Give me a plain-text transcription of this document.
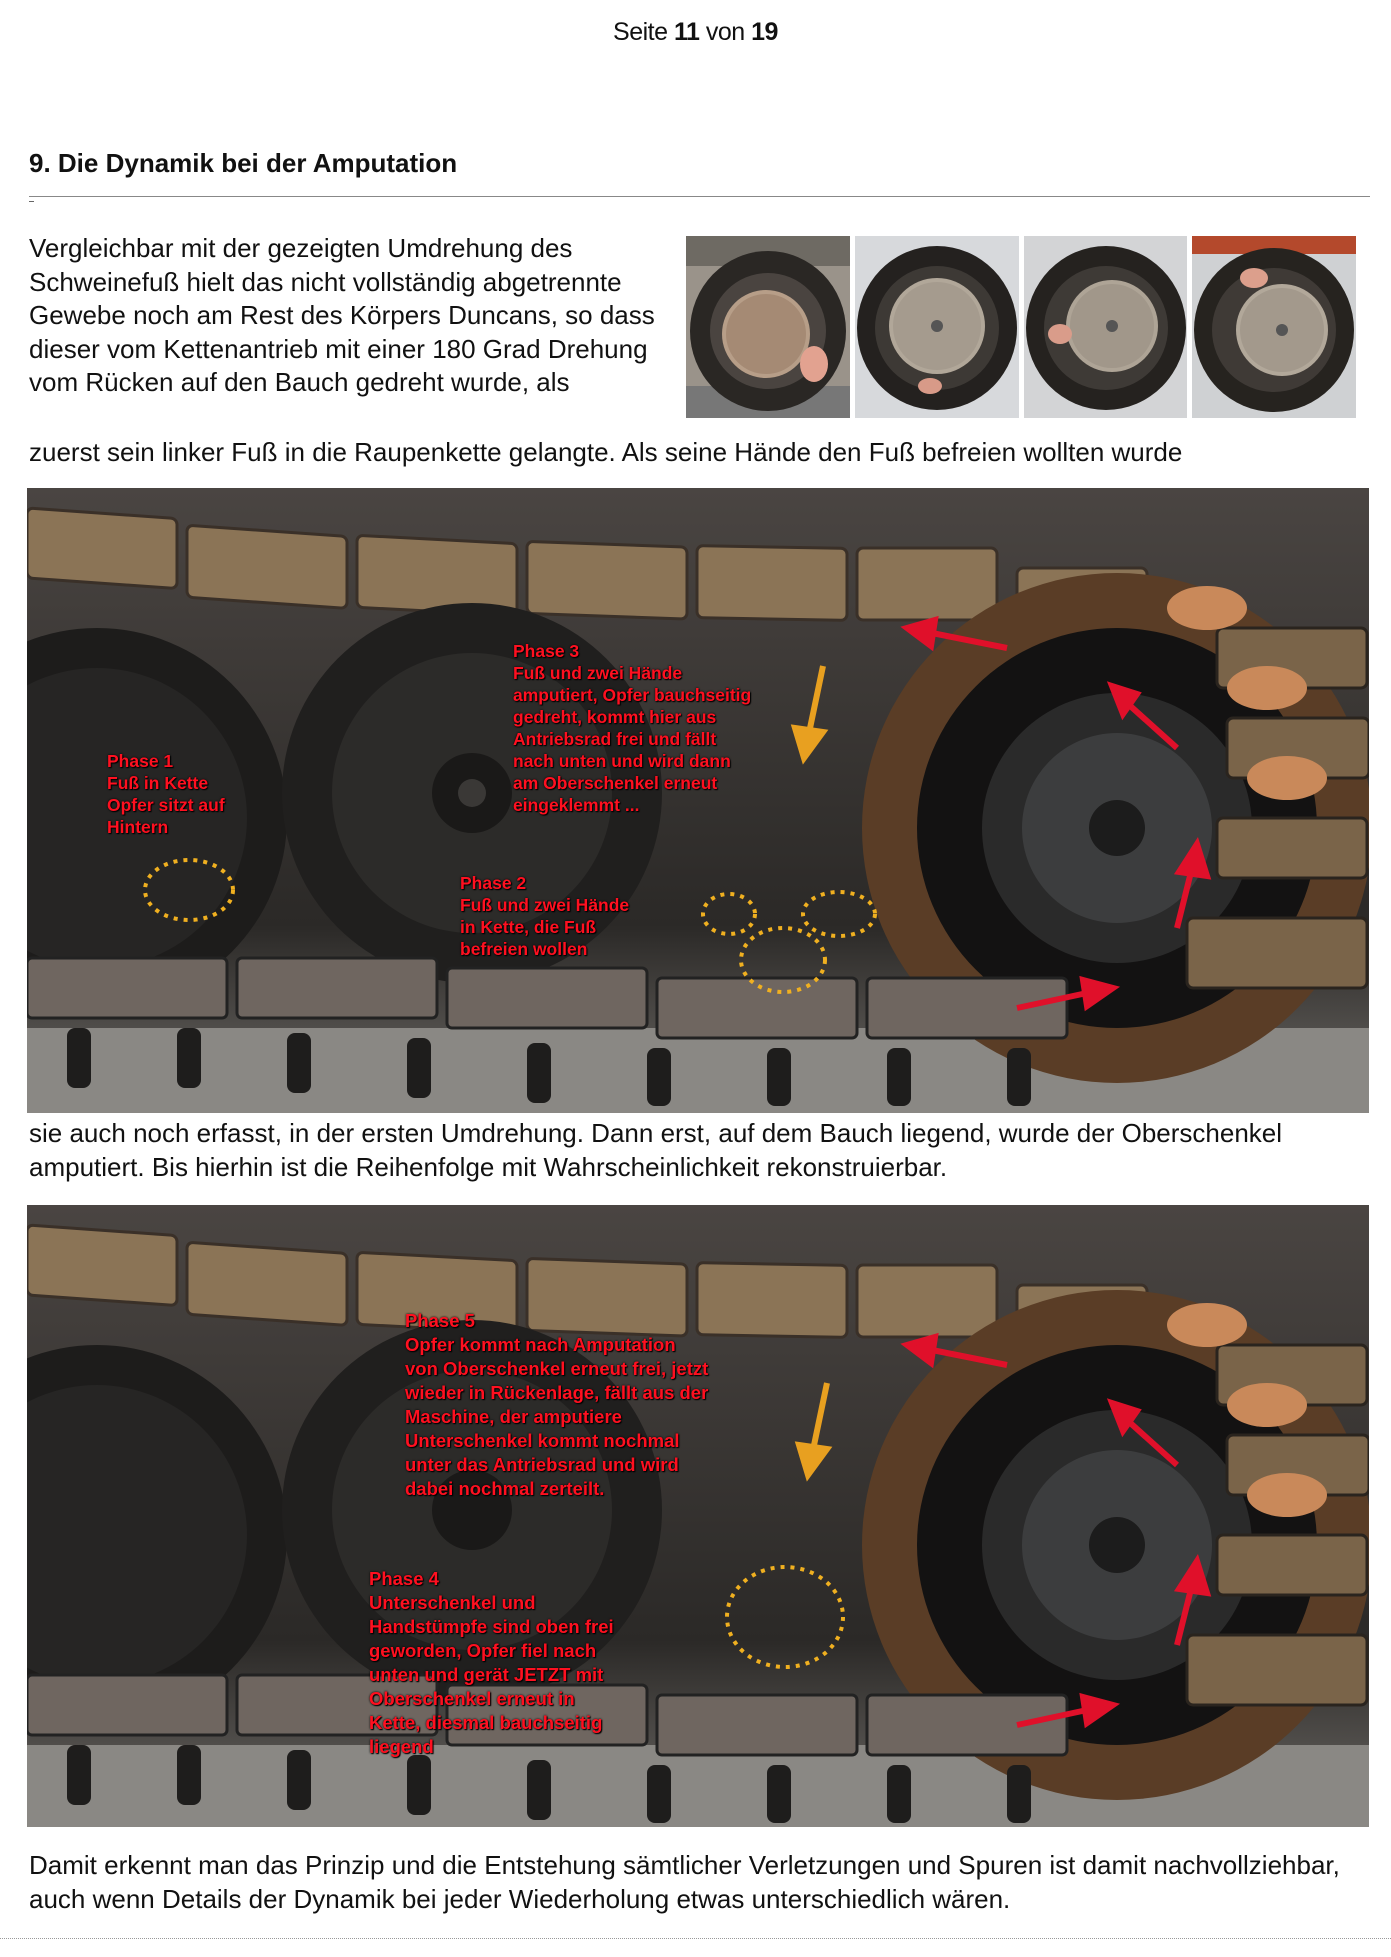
Seite 11 von 19
9. Die Dynamik bei der Amputation
Vergleichbar mit der gezeigten Umdrehung des Schweinefuß hielt das nicht vollständig abgetrennte Gewebe noch am Rest des Körpers Duncans, so dass dieser vom Kettenantrieb mit einer 180 Grad Drehung vom Rücken auf den Bauch gedreht wurde, als
zuerst sein linker Fuß in die Raupenkette gelangte. Als seine Hände den Fuß befreien wollten wurde
Phase 1
Fuß in Kette
Opfer sitzt auf
Hintern
Phase 2
Fuß und zwei Hände
in Kette, die Fuß
befreien wollen
Phase 3
Fuß und zwei Hände
amputiert, Opfer bauchseitig
gedreht, kommt hier aus
Antriebsrad frei und fällt
nach unten und wird dann
am Oberschenkel erneut
eingeklemmt ...
sie auch noch erfasst, in der ersten Umdrehung. Dann erst, auf dem Bauch liegend, wurde der Oberschenkel amputiert. Bis hierhin ist die Reihenfolge mit Wahrscheinlichkeit rekonstruierbar.
Phase 5
Opfer kommt nach Amputation
von Oberschenkel erneut frei, jetzt
wieder in Rückenlage, fällt aus der
Maschine, der amputiere
Unterschenkel kommt nochmal
unter das Antriebsrad und wird
dabei nochmal zerteilt.
Phase 4
Unterschenkel und
Handstümpfe sind oben frei
geworden, Opfer fiel nach
unten und gerät JETZT mit
Oberschenkel erneut in
Kette, diesmal bauchseitig
liegend
Damit erkennt man das Prinzip und die Entstehung sämtlicher Verletzungen und Spuren ist damit nachvollziehbar, auch wenn Details der Dynamik bei jeder Wiederholung etwas unterschiedlich wären.
